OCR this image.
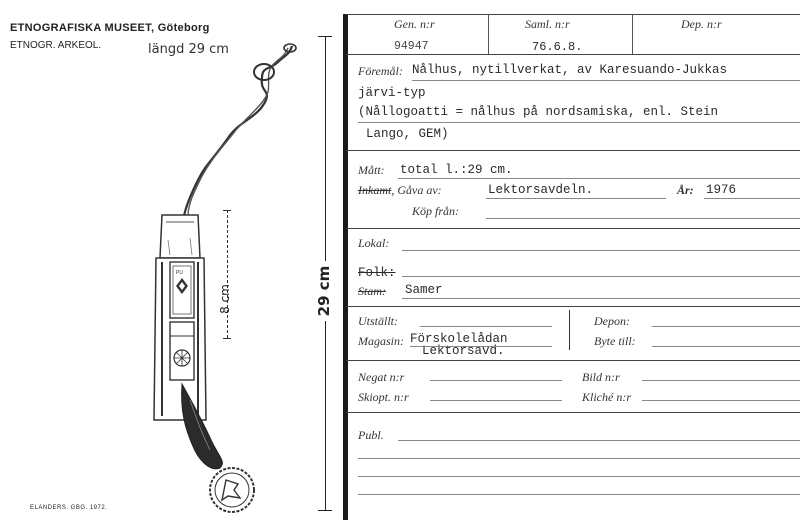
ETNOGRAFISKA MUSEET, Göteborg
ETNOGR. ARKEOL.	längd 29 cm
PU
8 cm	29 cm
ELANDERS. GBG. 1972.
Gen. n:r
94947
Saml. n:r
76.6.8.
Dep. n:r
Föremål: Nålhus, nytillverkat, av Karesuando-Jukkas
järvi-typ
(Nållogoatti = nålhus på nordsamiska, enl. Stein
Lango, GEM)
Mått: total l.:29 cm.
Inkamt, Gåva av:	Lektorsavdeln.	År: 1976
Köp från:
Lokal:
Folk:
Stam: Samer
Utställt:
Magasin: Förskolelådan
Lektorsavd.
Depon:
Byte till:
Negat n:r	Bild n:r
Skiopt. n:r	Kliché n:r
Publ.
